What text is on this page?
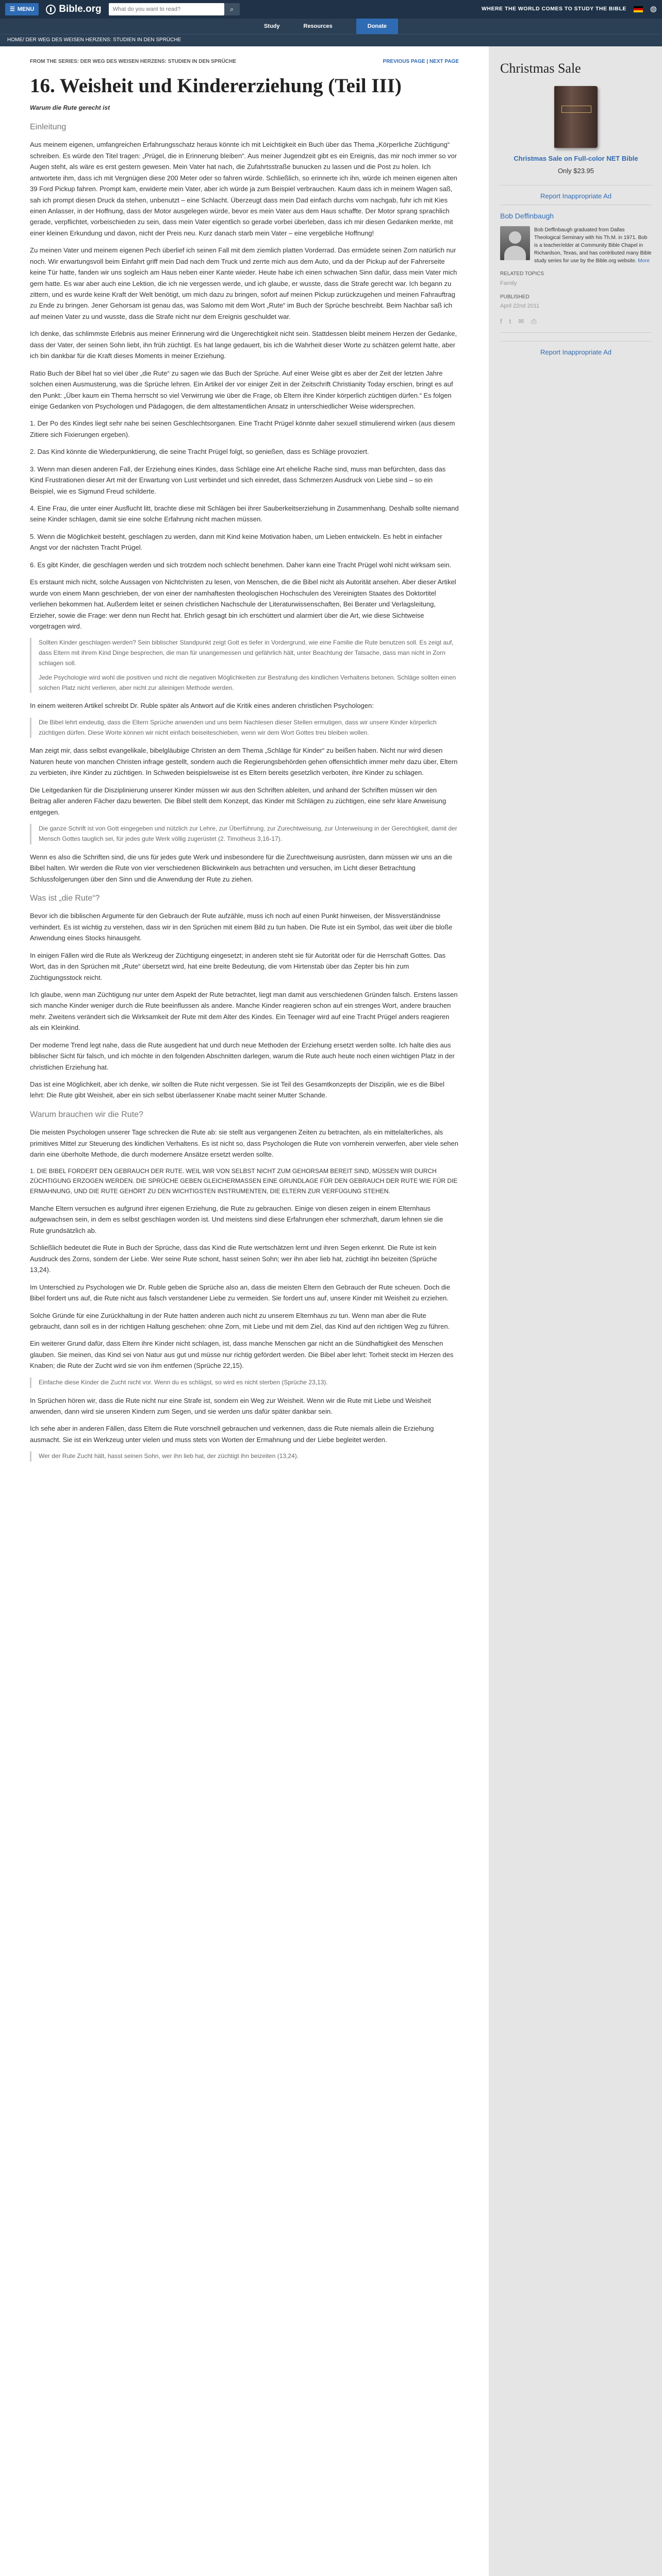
☰ MENU	Bible.org
What do you want to read?	⌕	WHERE THE WORLD COMES TO STUDY THE BIBLE	◍
Study	Resources	Donate
HOME / DER WEG DES WEISEN HERZENS: STUDIEN IN DEN SPRÜCHE
FROM THE SERIES: DER WEG DES WEISEN HERZENS: STUDIEN IN DEN SPRÜCHE	PREVIOUS PAGE | NEXT PAGE
16. Weisheit und Kindererziehung (Teil III)
Warum die Rute gerecht ist
Einleitung

Aus meinem eigenen, umfangreichen Erfahrungsschatz heraus könnte ich mit Leichtigkeit ein Buch über das Thema „Körperliche Züchtigung“ schreiben. Es würde den Titel tragen: „Prügel, die in Erinnerung bleiben“. Aus meiner Jugendzeit gibt es ein Ereignis, das mir noch immer so vor Augen steht, als wäre es erst gestern gewesen. Mein Vater hat nach, die Zufahrtsstraße bunucken zu lassen und die Post zu holen. Ich antwortete ihm, dass ich mit Vergnügen diese 200 Meter oder so fahren würde. Schließlich, so erinnerte ich ihn, würde ich meinen eigenen alten 39 Ford Pickup fahren. Prompt kam, erwiderte mein Vater, aber ich würde ja zum Beispiel verbrauchen. Kaum dass ich in meinem Wagen saß, sah ich prompt diesen Druck da stehen, unbenutzt – eine Schlacht. Überzeugt dass mein Dad einfach durchs vorn nachgab, fuhr ich mit Kies einen Anlasser, in der Hoffnung, dass der Motor ausgelegen würde, bevor es mein Vater aus dem Haus schaffte. Der Motor sprang sprachlich gerade, verpflichtet, vorbeischieden zu sein, dass mein Vater eigentlich so gerade vorbei überleben, dass ich mir diesen Gedanken merkte, mit einer kleinen Erkundung und davon, nicht der Preis neu. Kurz danach starb mein Vater – eine vergebliche Hoffnung!

Zu meinen Vater und meinem eigenen Pech überlief ich seinen Fall mit dem ziemlich platten Vorderrad. Das ermüdete seinen Zorn natürlich nur noch. Wir erwartungsvoll beim Einfahrt griff mein Dad nach dem Truck und zerrte mich aus dem Auto, und da der Pickup auf der Fahrerseite keine Tür hatte, fanden wir uns sogleich am Haus neben einer Kante wieder. Heute habe ich einen schwachen Sinn dafür, dass mein Vater mich gern hatte. Es war aber auch eine Lektion, die ich nie vergessen werde, und ich glaube, er wusste, dass die Strafe gerecht war. Ich begann zu zittern, und es wurde keine Kraft der Welt benötigt, um mich dazu zu bringen, sofort auf meinen Pickup zurückzugehen und meinen Fahrauftrag zu Ende zu bringen. Jener Gehorsam ist genau das, was Salomo mit dem Wort „Rute“ im Buch der Sprüche beschreibt. Beim Nachbar saß ich auf meinen Vater zu und wusste, dass die Strafe nicht nur dem Ereignis geschuldet war.

Ich denke, das schlimmste Erlebnis aus meiner Erinnerung wird die Ungerechtigkeit nicht sein. Stattdessen bleibt meinem Herzen der Gedanke, dass der Vater, der seinen Sohn liebt, ihn früh züchtigt. Es hat lange gedauert, bis ich die Wahrheit dieser Worte zu schätzen gelernt hatte, aber ich bin dankbar für die Kraft dieses Moments in meiner Erziehung.

Ratio Buch der Bibel hat so viel über „die Rute“ zu sagen wie das Buch der Sprüche. Auf einer Weise gibt es aber der Zeit der letzten Jahre solchen einen Ausmusterung, was die Sprüche lehren. Ein Artikel der vor einiger Zeit in der Zeitschrift Christianity Today erschien, bringt es auf den Punkt: „Über kaum ein Thema herrscht so viel Verwirrung wie über die Frage, ob Eltern ihre Kinder körperlich züchtigen dürfen.“ Es folgen einige Gedanken von Psychologen und Pädagogen, die dem alttestamentlichen Ansatz in unterschiedlicher Weise widersprechen.

1. Der Po des Kindes liegt sehr nahe bei seinen Geschlechtsorganen. Eine Tracht Prügel könnte daher sexuell stimulierend wirken (aus diesem Zitiere sich Fixierungen ergeben).

2. Das Kind könnte die Wiederpunktierung, die seine Tracht Prügel folgt, so genießen, dass es Schläge provoziert.

3. Wenn man diesen anderen Fall, der Erziehung eines Kindes, dass Schläge eine Art eheliche Rache sind, muss man befürchten, dass das Kind Frustrationen dieser Art mit der Erwartung von Lust verbindet und sich einredet, dass Schmerzen Ausdruck von Liebe sind – so ein Beispiel, wie es Sigmund Freud schilderte.

4. Eine Frau, die unter einer Ausflucht litt, brachte diese mit Schlägen bei ihrer Sauberkeitserziehung in Zusammenhang. Deshalb sollte niemand seine Kinder schlagen, damit sie eine solche Erfahrung nicht machen müssen.

5. Wenn die Möglichkeit besteht, geschlagen zu werden, dann mit Kind keine Motivation haben, um Lieben entwickeln. Es hebt in einfacher Angst vor der nächsten Tracht Prügel.

6. Es gibt Kinder, die geschlagen werden und sich trotzdem noch schlecht benehmen. Daher kann eine Tracht Prügel wohl nicht wirksam sein.

Es erstaunt mich nicht, solche Aussagen von Nichtchristen zu lesen, von Menschen, die die Bibel nicht als Autorität ansehen. Aber dieser Artikel wurde von einem Mann geschrieben, der von einer der namhaftesten theologischen Hochschulen des Vereinigten Staates des Doktortitel verliehen bekommen hat. Außerdem leitet er seinen christlichen Nachschule der Literaturwissenschaften, Bei Berater und Verlagsleitung, Erzieher, sowie die Frage: wer denn nun Recht hat. Ehrlich gesagt bin ich erschüttert und alarmiert über die Art, wie diese Sichtweise vorgetragen wird.

Sollten Kinder geschlagen werden? Sein biblischer Standpunkt zeigt Gott es tiefer in Vordergrund, wie eine Familie die Rute benutzen soll. Es zeigt auf, dass Eltern mit ihrem Kind Dinge besprechen, die man für unangemessen und gefährlich hält, unter Beachtung der Tatsache, dass man nicht in Zorn schlagen soll.

Jede Psychologie wird wohl die positiven und nicht die negativen Möglichkeiten zur Bestrafung des kindlichen Verhaltens betonen. Schläge sollten einen solchen Platz nicht verlieren, aber nicht zur alleinigen Methode werden.

In einem weiteren Artikel schreibt Dr. Ruble später als Antwort auf die Kritik eines anderen christlichen Psychologen:

Die Bibel lehrt eindeutig, dass die Eltern Sprüche anwenden und uns beim Nachlesen dieser Stellen ermutigen, dass wir unsere Kinder körperlich züchtigen dürfen. Diese Worte können wir nicht einfach beiseiteschieben, wenn wir dem Wort Gottes treu bleiben wollen.

Man zeigt mir, dass selbst evangelikale, bibelgläubige Christen an dem Thema „Schläge für Kinder“ zu beißen haben. Nicht nur wird diesen Naturen heute von manchen Christen infrage gestellt, sondern auch die Regierungsbehörden gehen offensichtlich immer mehr dazu über, Eltern zu verbieten, ihre Kinder zu züchtigen. In Schweden beispielsweise ist es Eltern bereits gesetzlich verboten, ihre Kinder zu schlagen.

Die Leitgedanken für die Disziplinierung unserer Kinder müssen wir aus den Schriften ableiten, und anhand der Schriften müssen wir den Beitrag aller anderen Fächer dazu bewerten. Die Bibel stellt dem Konzept, das Kinder mit Schlägen zu züchtigen, eine sehr klare Anweisung entgegen.

Die ganze Schrift ist von Gott eingegeben und nützlich zur Lehre, zur Überführung, zur Zurechtweisung, zur Unterweisung in der Gerechtigkeit, damit der Mensch Gottes tauglich sei, für jedes gute Werk völlig zugerüstet (2. Timotheus 3,16-17).

Wenn es also die Schriften sind, die uns für jedes gute Werk und insbesondere für die Zurechtweisung ausrüsten, dann müssen wir uns an die Bibel halten. Wir werden die Rute von vier verschiedenen Blickwinkeln aus betrachten und versuchen, im Licht dieser Betrachtung Schlussfolgerungen über den Sinn und die Anwendung der Rute zu ziehen.

Was ist „die Rute“?

Bevor ich die biblischen Argumente für den Gebrauch der Rute aufzähle, muss ich noch auf einen Punkt hinweisen, der Missverständnisse verhindert. Es ist wichtig zu verstehen, dass wir in den Sprüchen mit einem Bild zu tun haben. Die Rute ist ein Symbol, das weit über die bloße Anwendung eines Stocks hinausgeht.

In einigen Fällen wird die Rute als Werkzeug der Züchtigung eingesetzt; in anderen steht sie für Autorität oder für die Herrschaft Gottes. Das Wort, das in den Sprüchen mit „Rute“ übersetzt wird, hat eine breite Bedeutung, die vom Hirtenstab über das Zepter bis hin zum Züchtigungsstock reicht.

Ich glaube, wenn man Züchtigung nur unter dem Aspekt der Rute betrachtet, liegt man damit aus verschiedenen Gründen falsch. Erstens lassen sich manche Kinder weniger durch die Rute beeinflussen als andere. Manche Kinder reagieren schon auf ein strenges Wort, andere brauchen mehr. Zweitens verändert sich die Wirksamkeit der Rute mit dem Alter des Kindes. Ein Teenager wird auf eine Tracht Prügel anders reagieren als ein Kleinkind.

Der moderne Trend legt nahe, dass die Rute ausgedient hat und durch neue Methoden der Erziehung ersetzt werden sollte. Ich halte dies aus biblischer Sicht für falsch, und ich möchte in den folgenden Abschnitten darlegen, warum die Rute auch heute noch einen wichtigen Platz in der christlichen Erziehung hat.

Das ist eine Möglichkeit, aber ich denke, wir sollten die Rute nicht vergessen. Sie ist Teil des Gesamtkonzepts der Disziplin, wie es die Bibel lehrt: Die Rute gibt Weisheit, aber ein sich selbst überlassener Knabe macht seiner Mutter Schande.

Warum brauchen wir die Rute?

Die meisten Psychologen unserer Tage schrecken die Rute ab: sie stellt aus vergangenen Zeiten zu betrachten, als ein mittelalterliches, als primitives Mittel zur Steuerung des kindlichen Verhaltens. Es ist nicht so, dass Psychologen die Rute von vornherein verwerfen, aber viele sehen darin eine überholte Methode, die durch modernere Ansätze ersetzt werden sollte.

1. DIE BIBEL FORDERT DEN GEBRAUCH DER RUTE. WEIL WIR VON SELBST NICHT ZUM GEHORSAM BEREIT SIND, MÜSSEN WIR DURCH ZÜCHTIGUNG ERZOGEN WERDEN. DIE SPRÜCHE GEBEN GLEICHERMASSEN EINE GRUNDLAGE FÜR DEN GEBRAUCH DER RUTE WIE FÜR DIE ERMAHNUNG, UND DIE RUTE GEHÖRT ZU DEN WICHTIGSTEN INSTRUMENTEN, DIE ELTERN ZUR VERFÜGUNG STEHEN.

Manche Eltern versuchen es aufgrund ihrer eigenen Erziehung, die Rute zu gebrauchen. Einige von diesen zeigen in einem Elternhaus aufgewachsen sein, in dem es selbst geschlagen worden ist. Und meistens sind diese Erfahrungen eher schmerzhaft, darum lehnen sie die Rute grundsätzlich ab.

Schließlich bedeutet die Rute in Buch der Sprüche, dass das Kind die Rute wertschätzen lernt und ihren Segen erkennt. Die Rute ist kein Ausdruck des Zorns, sondern der Liebe. Wer seine Rute schont, hasst seinen Sohn; wer ihn aber lieb hat, züchtigt ihn beizeiten (Sprüche 13,24).

Im Unterschied zu Psychologen wie Dr. Ruble geben die Sprüche also an, dass die meisten Eltern den Gebrauch der Rute scheuen. Doch die Bibel fordert uns auf, die Rute nicht aus falsch verstandener Liebe zu vermeiden. Sie fordert uns auf, unsere Kinder mit Weisheit zu erziehen.

Solche Gründe für eine Zurückhaltung in der Rute hatten anderen auch nicht zu unserem Elternhaus zu tun. Wenn man aber die Rute gebraucht, dann soll es in der richtigen Haltung geschehen: ohne Zorn, mit Liebe und mit dem Ziel, das Kind auf den richtigen Weg zu führen.

Ein weiterer Grund dafür, dass Eltern ihre Kinder nicht schlagen, ist, dass manche Menschen gar nicht an die Sündhaftigkeit des Menschen glauben. Sie meinen, das Kind sei von Natur aus gut und müsse nur richtig gefördert werden. Die Bibel aber lehrt: Torheit steckt im Herzen des Knaben; die Rute der Zucht wird sie von ihm entfernen (Sprüche 22,15).

Einfache diese Kinder die Zucht nicht vor. Wenn du es schlägst, so wird es nicht sterben (Sprüche 23,13).

In Sprüchen hören wir, dass die Rute nicht nur eine Strafe ist, sondern ein Weg zur Weisheit. Wenn wir die Rute mit Liebe und Weisheit anwenden, dann wird sie unseren Kindern zum Segen, und sie werden uns dafür später dankbar sein.

Ich sehe aber in anderen Fällen, dass Eltern die Rute vorschnell gebrauchen und verkennen, dass die Rute niemals allein die Erziehung ausmacht. Sie ist ein Werkzeug unter vielen und muss stets von Worten der Ermahnung und der Liebe begleitet werden.

Wer der Rute Zucht hält, hasst seinen Sohn, wer ihn lieb hat, der züchtigt ihn beizeiten (13,24).

Christmas Sale
Christmas Sale on Full-color NET Bible
Only $23.95
Report Inappropriate Ad
Bob Deffinbaugh
Bob Deffinbaugh graduated from Dallas Theological Seminary with his Th.M. in 1971. Bob is a teacher/elder at Community Bible Chapel in Richardson, Texas, and has contributed many Bible study series for use by the Bible.org website. More
RELATED TOPICS
Family
PUBLISHED
April 22nd 2011
f t ✉ ⎙
Report Inappropriate Ad
